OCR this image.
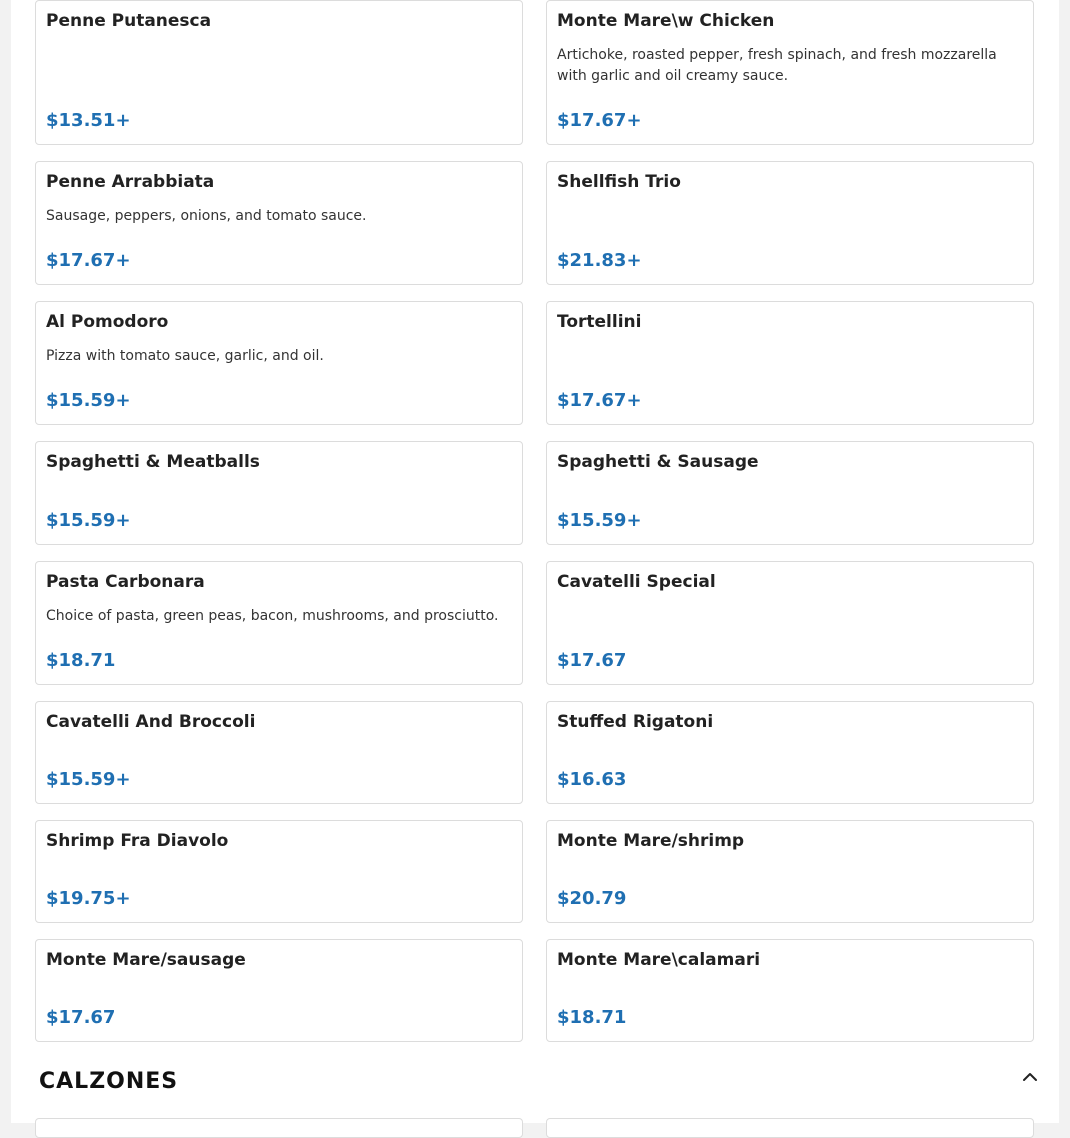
Penne Putanesca
$13.51+
Monte Mare\w Chicken
Artichoke, roasted pepper, fresh spinach, and fresh mozzarella with garlic and oil creamy sauce.
$17.67+
Penne Arrabbiata
Sausage, peppers, onions, and tomato sauce.
$17.67+
Shellfish Trio
$21.83+
Al Pomodoro
Pizza with tomato sauce, garlic, and oil.
$15.59+
Tortellini
$17.67+
Spaghetti & Meatballs
$15.59+
Spaghetti & Sausage
$15.59+
Pasta Carbonara
Choice of pasta, green peas, bacon, mushrooms, and prosciutto.
$18.71
Cavatelli Special
$17.67
Cavatelli And Broccoli
$15.59+
Stuffed Rigatoni
$16.63
Shrimp Fra Diavolo
$19.75+
Monte Mare/shrimp
$20.79
Monte Mare/sausage
$17.67
Monte Mare\calamari
$18.71
CALZONES
